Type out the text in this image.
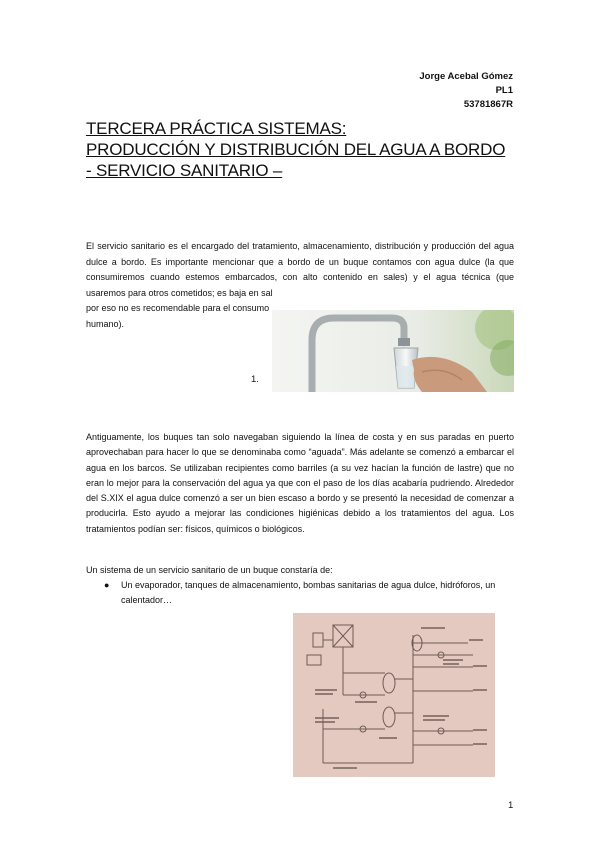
Jorge Acebal Gómez
PL1
53781867R
TERCERA PRÁCTICA SISTEMAS:
PRODUCCIÓN Y DISTRIBUCIÓN DEL AGUA A BORDO
- SERVICIO SANITARIO –
El servicio sanitario es el encargado del tratamiento, almacenamiento, distribución y producción del agua dulce a bordo. Es importante mencionar que a bordo de un buque contamos con agua dulce (la que consumiremos cuando estemos embarcados, con alto contenido en sales) y el agua técnica (que usaremos para otros cometidos; es baja en sal
por eso no es recomendable para el consumo humano).
1.
Antiguamente, los buques tan solo navegaban siguiendo la línea de costa y en sus paradas en puerto aprovechaban para hacer lo que se denominaba como “aguada”. Más adelante se comenzó a embarcar el agua en los barcos. Se utilizaban recipientes como barriles (a su vez hacían la función de lastre) que no eran lo mejor para la conservación del agua ya que con el paso de los días acabaría pudriendo. Alrededor del S.XIX el agua dulce comenzó a ser un bien escaso a bordo y se presentó la necesidad de comenzar a producirla. Esto ayudo a mejorar las condiciones higiénicas debido a los tratamientos del agua. Los tratamientos podían ser: físicos, químicos o biológicos.
Un sistema de un servicio sanitario de un buque constaría de:
● Un evaporador, tanques de almacenamiento, bombas sanitarias de agua dulce, hidróforos, un calentador…
1
